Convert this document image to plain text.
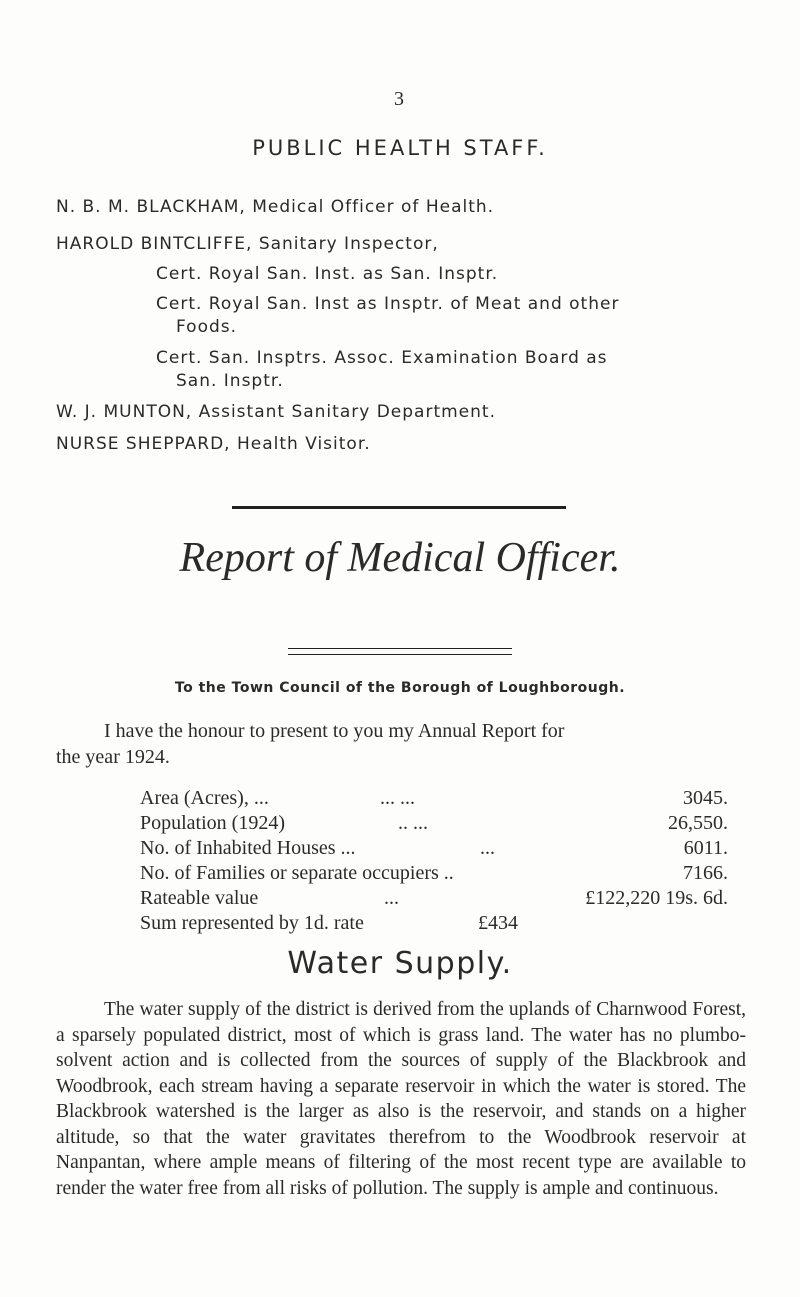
3
PUBLIC HEALTH STAFF.
N. B. M. BLACKHAM, Medical Officer of Health.
HAROLD BINTCLIFFE, Sanitary Inspector,
Cert. Royal San. Inst. as San. Insptr.
Cert. Royal San. Inst as Insptr. of Meat and other
Foods.
Cert. San. Insptrs. Assoc. Examination Board as
San. Insptr.
W. J. MUNTON, Assistant Sanitary Department.
NURSE SHEPPARD, Health Visitor.
Report of Medical Officer.
To the Town Council of the Borough of Loughborough.
I have the honour to present to you my Annual Report for
the year 1924.
Area (Acres), ...	... ...	3045.
Population (1924)	.. ...	26,550.
No. of Inhabited Houses ...	...	6011.
No. of Families or separate occupiers ..	7166.
Rateable value	...	£122,220 19s. 6d.
Sum represented by 1d. rate	£434
Water Supply.
The water supply of the district is derived from the uplands of Charnwood Forest, a sparsely populated district, most of which is grass land. The water has no plumbo-solvent action and is collected from the sources of supply of the Blackbrook and Woodbrook, each stream having a separate reservoir in which the water is stored. The Blackbrook watershed is the larger as also is the reservoir, and stands on a higher altitude, so that the water gravitates therefrom to the Woodbrook reservoir at Nanpantan, where ample means of filtering of the most recent type are available to render the water free from all risks of pollution. The supply is ample and continuous.
